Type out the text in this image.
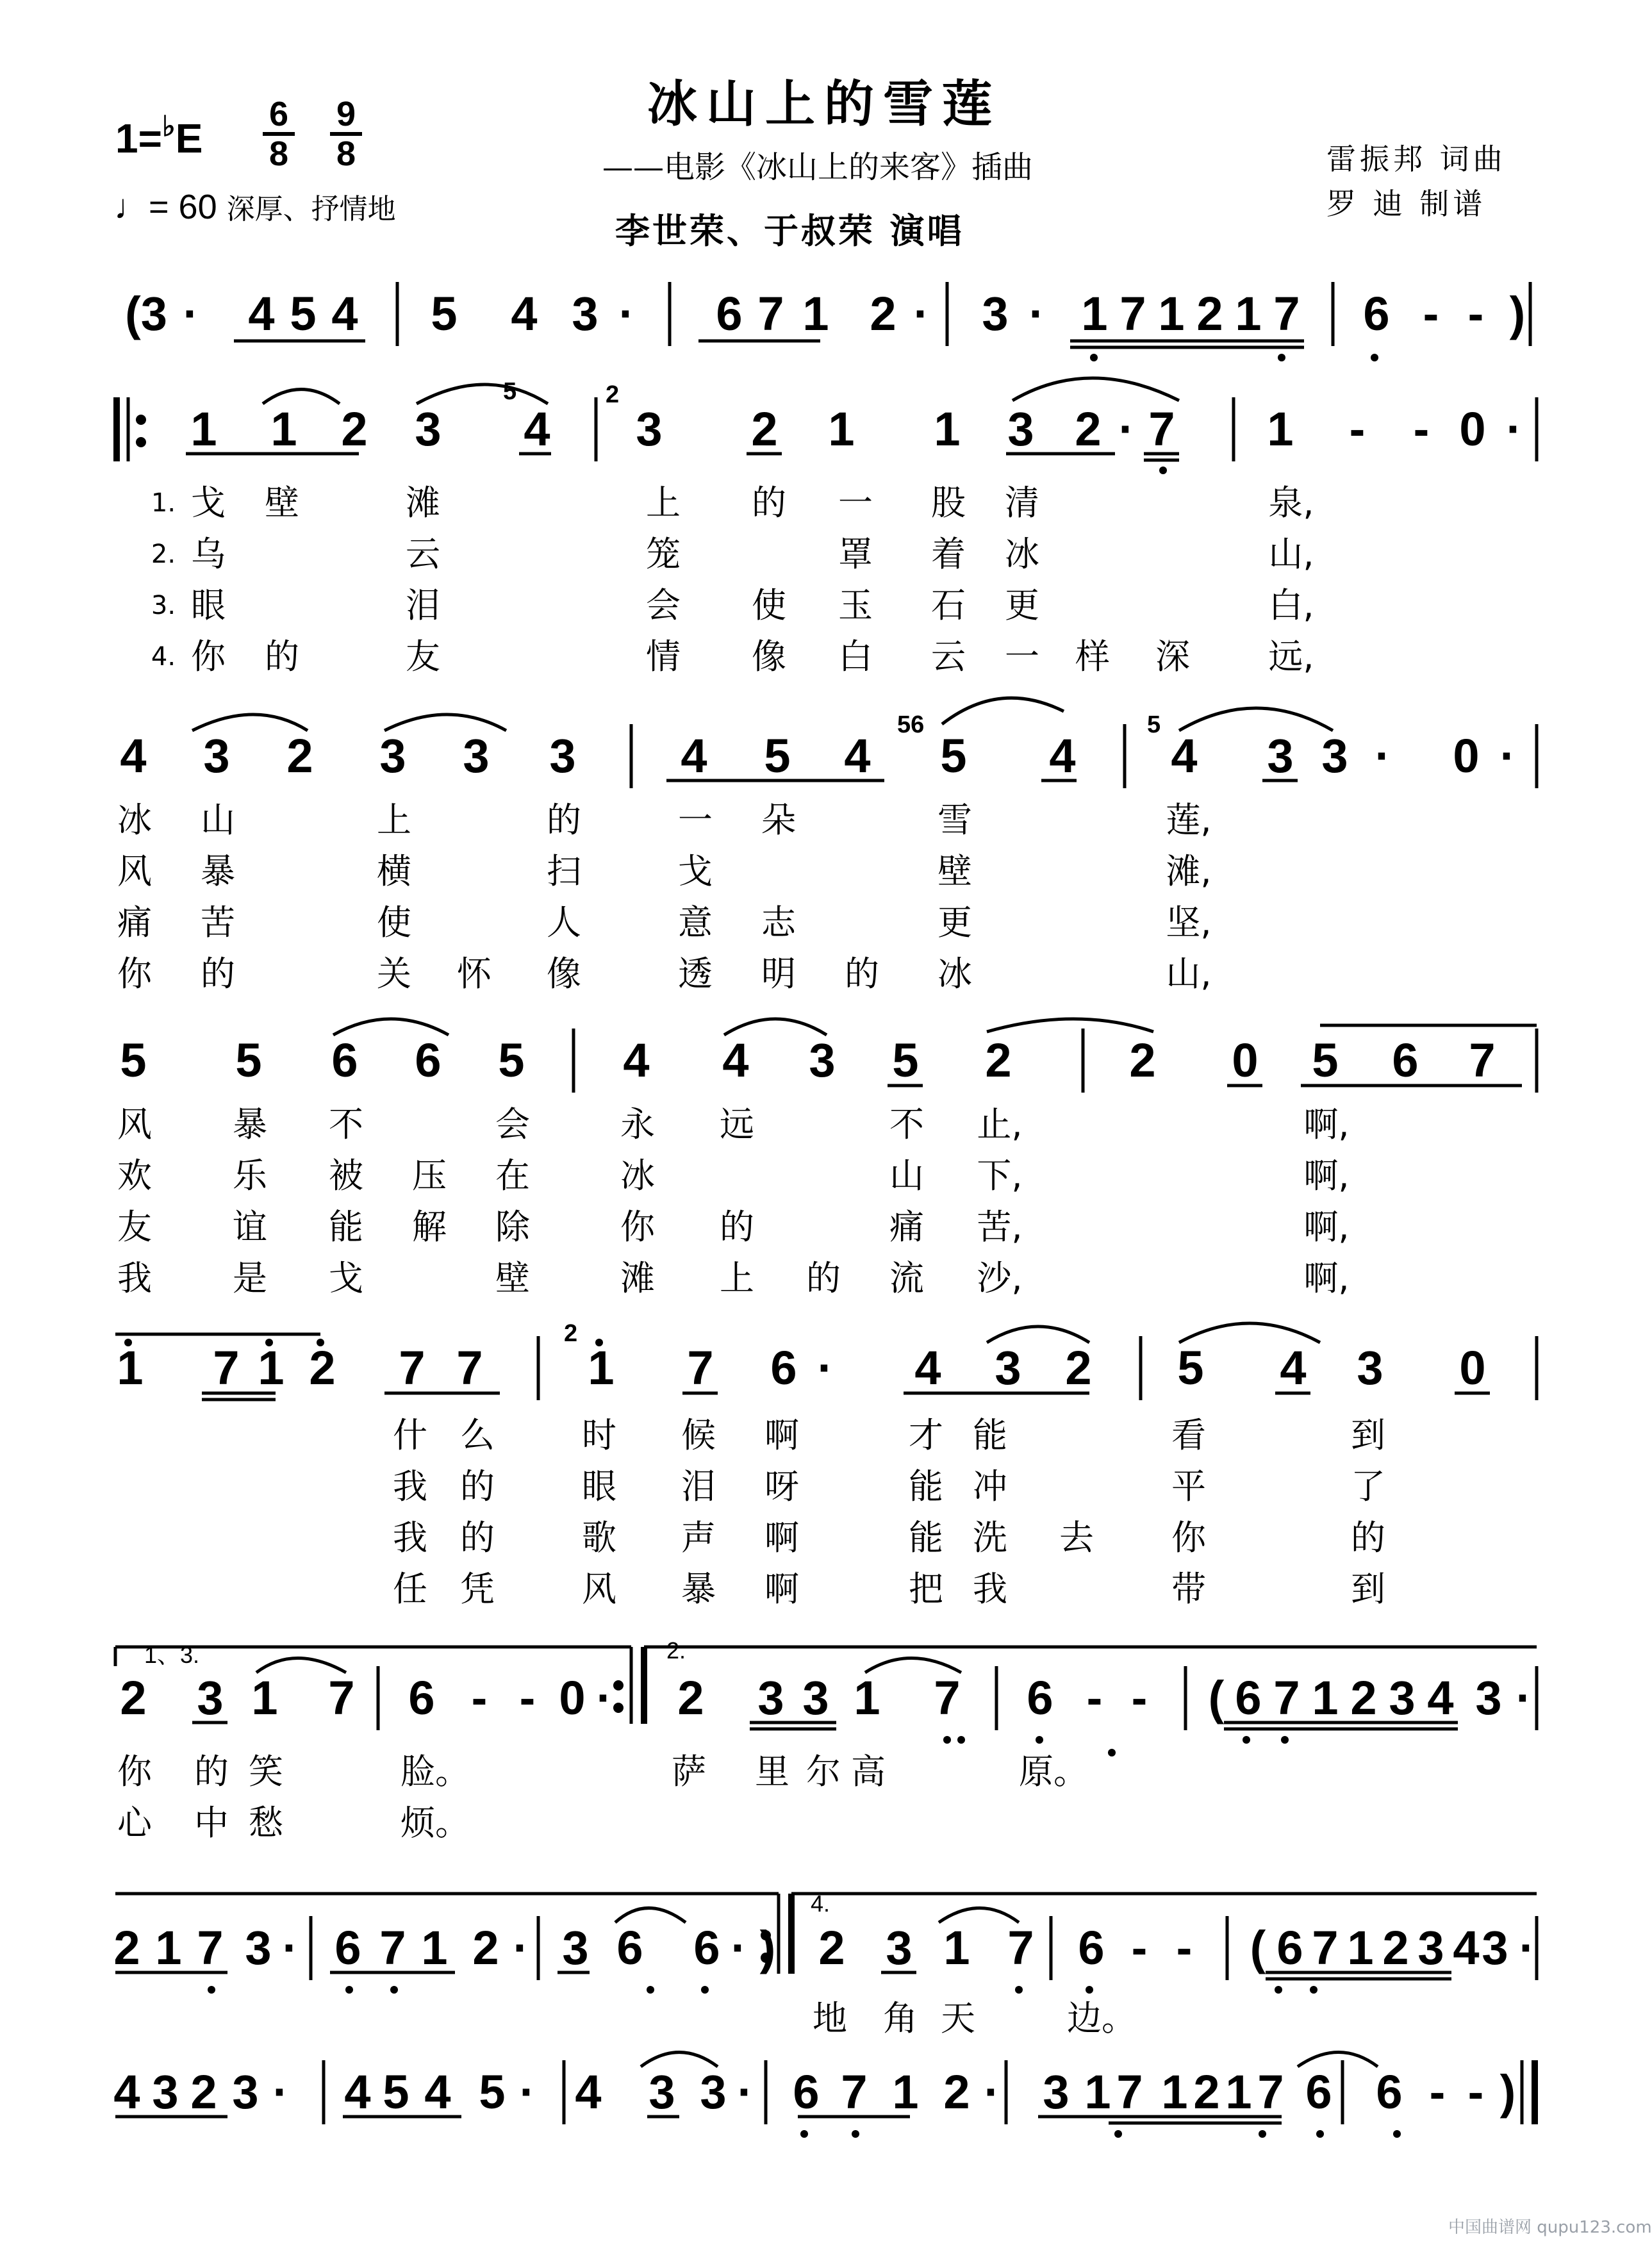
冰山上的雪莲
——电影《冰山上的来客》插曲
李世荣、于叔荣 演唱
雷振邦 词曲
罗 迪 制谱
1=♭E
6
8
9
8
♩= 60 深厚、抒情地
(3 ·	4 5 4	5	4 3 ·	6 7 1 2 ·	3 · 1 7 1 2 1 7	6 - - )
1	1 2 3	4	3	2	1	1 3 2 · 7	1	-	- 0 ·
5	2
1. 戈 壁	滩	上 的 一 股 清	泉,
2. 乌	云	笼	罩 着 冰	山,
3. 眼	泪	会 使 玉 石 更	白,
4. 你 的	友	情 像 白 云 一 样 深 远,
4	3	2	3	3	3	4	5	4	5	4	4	3 3 ·	0 ·
56	5
冰 山	上	的	一 朵	雪	莲,
风 暴	横	扫	戈	壁	滩,
痛 苦	使	人	意 志	更	坚,
你 的	关 怀 像	透 明 的 冰	山,
5	5	6	6	5	4	4	3	5	2	2	0	5	6	7
风 暴 不	会	永 远	不 止,	啊,
欢 乐 被 压 在	冰	山 下,	啊,
友 谊 能 解 除	你 的	痛 苦,	啊,
我 是 戈	壁	滩 上 的 流 沙,	啊,
1	7 1 2	7 7	1	7	6 ·	4	3 2	5	4	3	0
2
什 么	时 候 啊	才 能	看	到
我 的	眼 泪 呀	能 冲	平	了
我 的	歌 声 啊	能 洗 去 你	的
任 凭	风 暴 啊	把 我	带	到
1、3.	2.
2	3 1	7	6 - - 0 ·	2	3 3 1	7	6 - -	( 6 7 1 2 3 4 3 ·
你 的 笑	脸。	萨 里 尔 高	原。
心 中 愁	烦。
4.
2 1 7 3 · 6 7 1 2 · 3 6	6 · ) 2 3 1 7 6 - -	( 6 7 1 2 3 4 3 ·
地 角 天	边。
4 3 2 3 ·	4 5 4 5 · 4 3 3 · 6 7 1 2 · 3 1 7 1 2 1 7 6 6 - - )
中国曲谱网 qupu123.com
